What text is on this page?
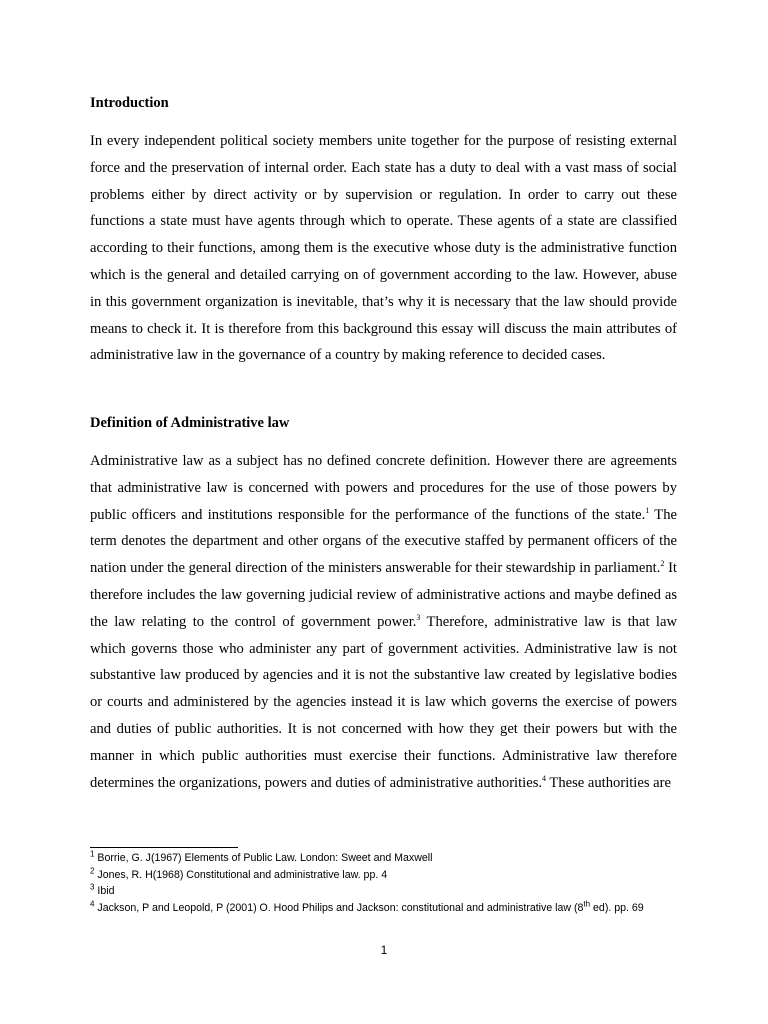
Introduction

In every independent political society members unite together for the purpose of resisting external force and the preservation of internal order. Each state has a duty to deal with a vast mass of social problems either by direct activity or by supervision or regulation. In order to carry out these functions a state must have agents through which to operate. These agents of a state are classified according to their functions, among them is the executive whose duty is the administrative function which is the general and detailed carrying on of government according to the law. However, abuse in this government organization is inevitable, that’s why it is necessary that the law should provide means to check it. It is therefore from this background this essay will discuss the main attributes of administrative law in the governance of a country by making reference to decided cases.

Definition of Administrative law

Administrative law as a subject has no defined concrete definition. However there are agreements that administrative law is concerned with powers and procedures for the use of those powers by public officers and institutions responsible for the performance of the functions of the state.$^1$ The term denotes the department and other organs of the executive staffed by permanent officers of the nation under the general direction of the ministers answerable for their stewardship in parliament.$^2$ It therefore includes the law governing judicial review of administrative actions and maybe defined as the law relating to the control of government power.$^3$ Therefore, administrative law is that law which governs those who administer any part of government activities. Administrative law is not substantive law produced by agencies and it is not the substantive law created by legislative bodies or courts and administered by the agencies instead it is law which governs the exercise of powers and duties of public authorities. It is not concerned with how they get their powers but with the manner in which public authorities must exercise their functions. Administrative law therefore determines the organizations, powers and duties of administrative authorities.$^4$ These authorities are

$^1$ Borrie, G. J(1967) Elements of Public Law. London: Sweet and Maxwell

$^2$ Jones, R. H(1968) Constitutional and administrative law. pp. 4

$^3$ Ibid

$^4$ Jackson, P and Leopold, P (2001) O. Hood Philips and Jackson: constitutional and administrative law (8th ed). pp. 69

1
